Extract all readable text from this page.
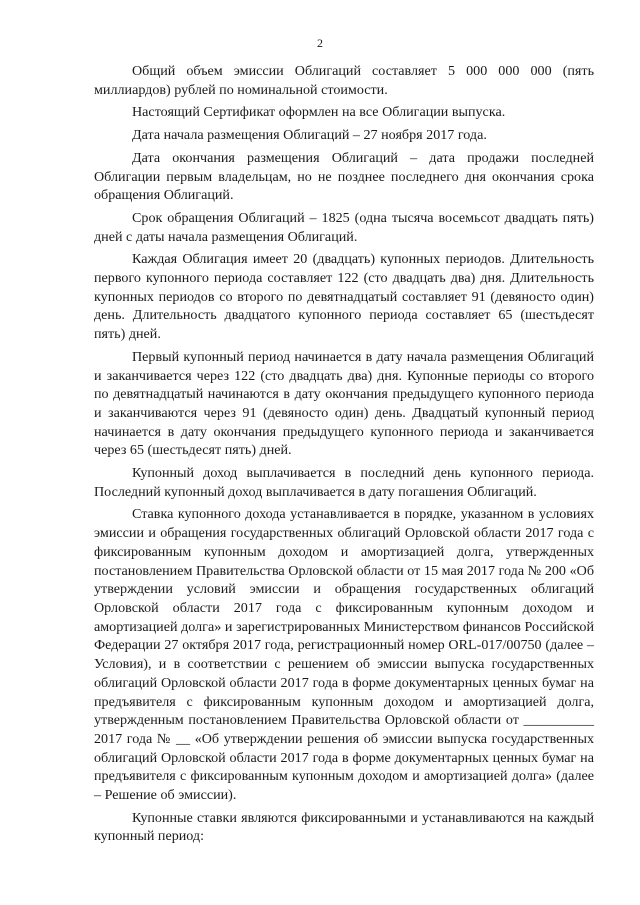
2

Общий объем эмиссии Облигаций составляет 5 000 000 000 (пять миллиардов) рублей по номинальной стоимости.

Настоящий Сертификат оформлен на все Облигации выпуска.

Дата начала размещения Облигаций – 27 ноября 2017 года.

Дата окончания размещения Облигаций – дата продажи последней Облигации первым владельцам, но не позднее последнего дня окончания срока обращения Облигаций.

Срок обращения Облигаций – 1825 (одна тысяча восемьсот двадцать пять) дней с даты начала размещения Облигаций.

Каждая Облигация имеет 20 (двадцать) купонных периодов. Длительность первого купонного периода составляет 122 (сто двадцать два) дня. Длительность купонных периодов со второго по девятнадцатый составляет 91 (девяносто один) день. Длительность двадцатого купонного периода составляет 65 (шестьдесят пять) дней.

Первый купонный период начинается в дату начала размещения Облигаций и заканчивается через 122 (сто двадцать два) дня. Купонные периоды со второго по девятнадцатый начинаются в дату окончания предыдущего купонного периода и заканчиваются через 91 (девяносто один) день. Двадцатый купонный период начинается в дату окончания предыдущего купонного периода и заканчивается через 65 (шестьдесят пять) дней.

Купонный доход выплачивается в последний день купонного периода. Последний купонный доход выплачивается в дату погашения Облигаций.

Ставка купонного дохода устанавливается в порядке, указанном в условиях эмиссии и обращения государственных облигаций Орловской области 2017 года с фиксированным купонным доходом и амортизацией долга, утвержденных постановлением Правительства Орловской области от 15 мая 2017 года № 200 «Об утверждении условий эмиссии и обращения государственных облигаций Орловской области 2017 года с фиксированным купонным доходом и амортизацией долга» и зарегистрированных Министерством финансов Российской Федерации 27 октября 2017 года, регистрационный номер ORL-017/00750 (далее – Условия), и в соответствии с решением об эмиссии выпуска государственных облигаций Орловской области 2017 года в форме документарных ценных бумаг на предъявителя с фиксированным купонным доходом и амортизацией долга, утвержденным постановлением Правительства Орловской области от __________ 2017 года № __ «Об утверждении решения об эмиссии выпуска государственных облигаций Орловской области 2017 года в форме документарных ценных бумаг на предъявителя с фиксированным купонным доходом и амортизацией долга» (далее – Решение об эмиссии).

Купонные ставки являются фиксированными и устанавливаются на каждый купонный период:
